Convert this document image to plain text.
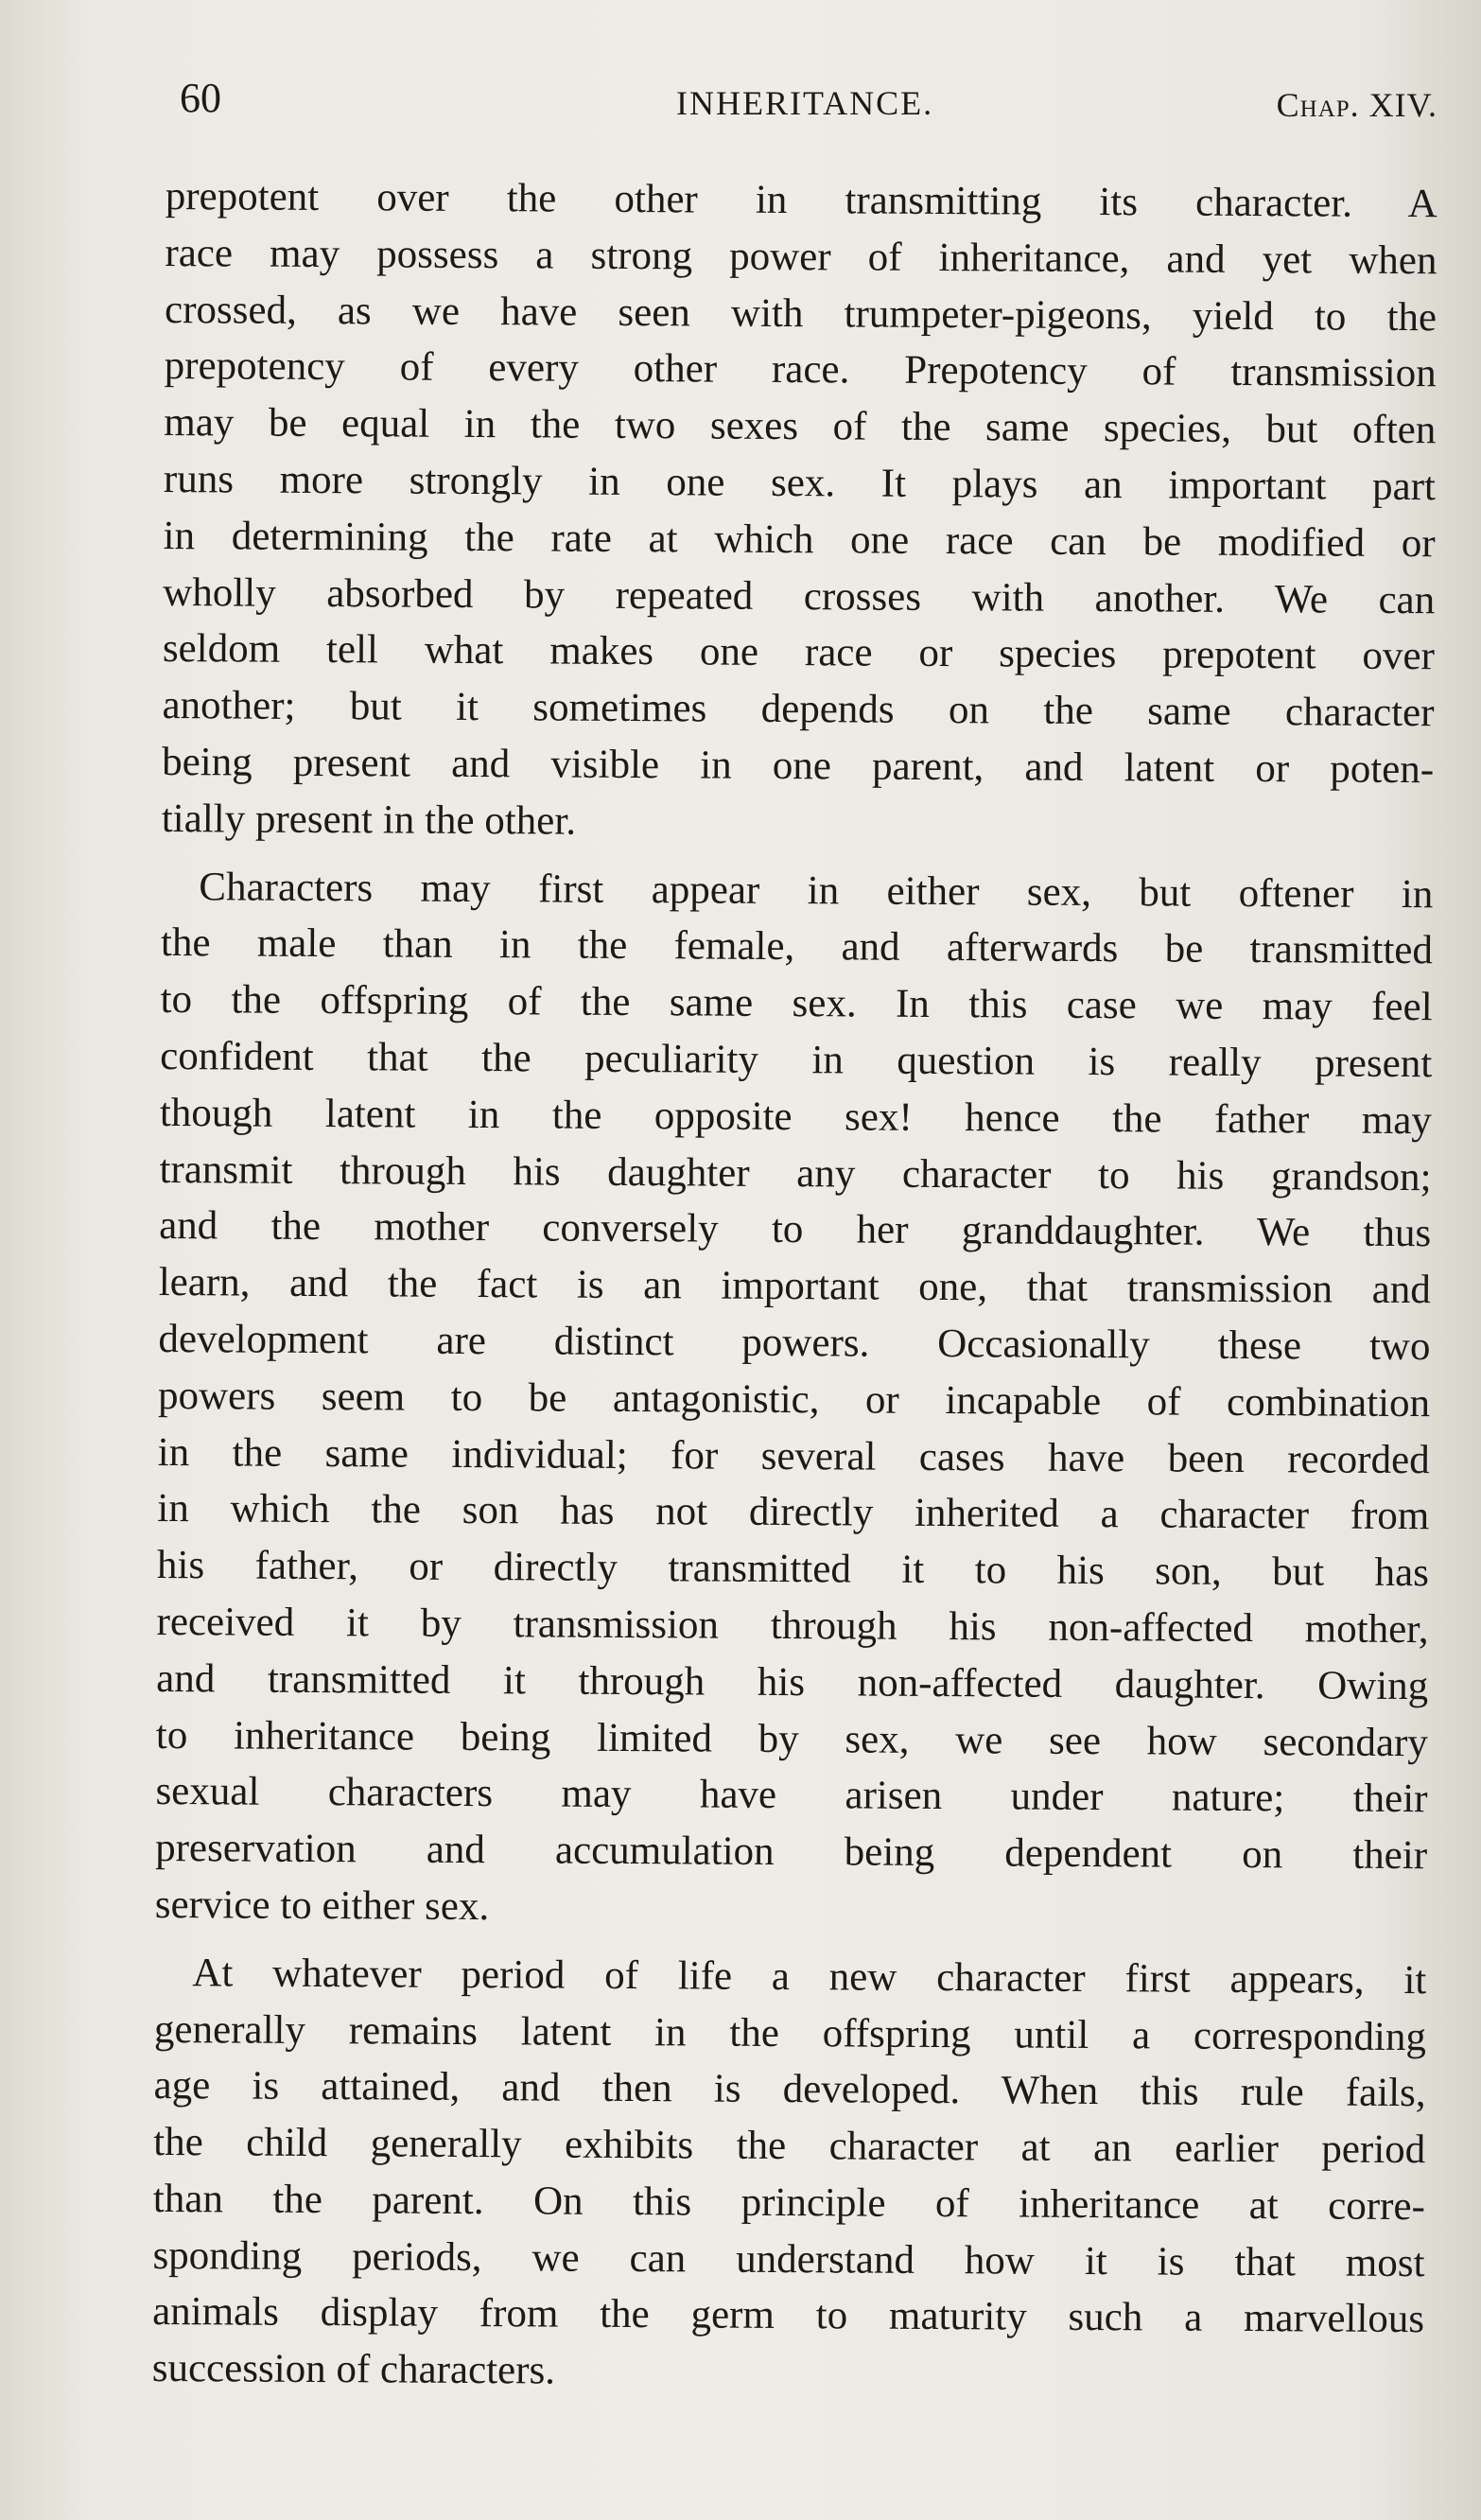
60	INHERITANCE.	Chap. XIV.
prepotent over the other in transmitting its character. A
race may possess a strong power of inheritance, and yet when
crossed, as we have seen with trumpeter-pigeons, yield to the
prepotency of every other race. Prepotency of transmission
may be equal in the two sexes of the same species, but often
runs more strongly in one sex. It plays an important part
in determining the rate at which one race can be modified or
wholly absorbed by repeated crosses with another. We can
seldom tell what makes one race or species prepotent over
another; but it sometimes depends on the same character
being present and visible in one parent, and latent or poten-
tially present in the other.
Characters may first appear in either sex, but oftener in
the male than in the female, and afterwards be transmitted
to the offspring of the same sex. In this case we may feel
confident that the peculiarity in question is really present
though latent in the opposite sex! hence the father may
transmit through his daughter any character to his grandson;
and the mother conversely to her granddaughter. We thus
learn, and the fact is an important one, that transmission and
development are distinct powers. Occasionally these two
powers seem to be antagonistic, or incapable of combination
in the same individual; for several cases have been recorded
in which the son has not directly inherited a character from
his father, or directly transmitted it to his son, but has
received it by transmission through his non-affected mother,
and transmitted it through his non-affected daughter. Owing
to inheritance being limited by sex, we see how secondary
sexual characters may have arisen under nature; their
preservation and accumulation being dependent on their
service to either sex.
At whatever period of life a new character first appears, it
generally remains latent in the offspring until a corresponding
age is attained, and then is developed. When this rule fails,
the child generally exhibits the character at an earlier period
than the parent. On this principle of inheritance at corre-
sponding periods, we can understand how it is that most
animals display from the germ to maturity such a marvellous
succession of characters.
